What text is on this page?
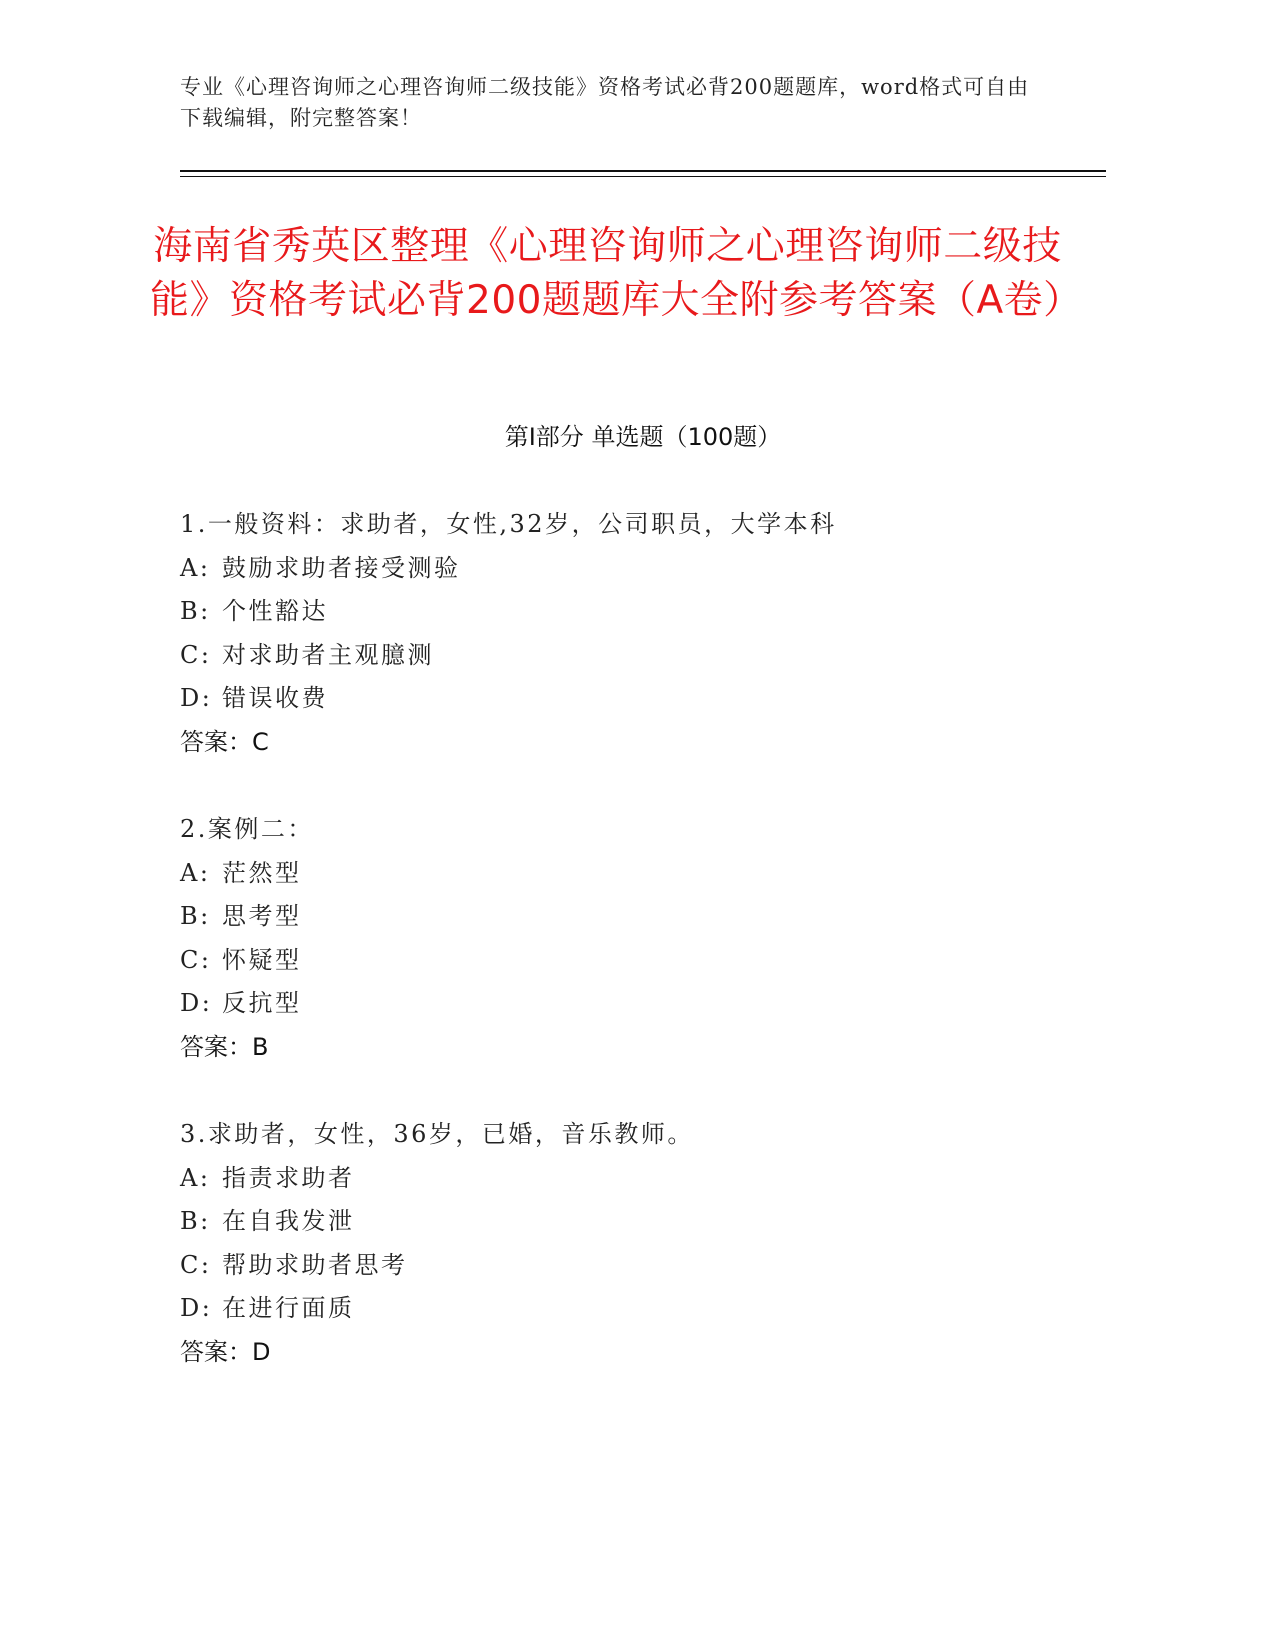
专业《心理咨询师之心理咨询师二级技能》资格考试必背200题题库，word格式可自由下载编辑，附完整答案！
海南省秀英区整理《心理咨询师之心理咨询师二级技能》资格考试必背200题题库大全附参考答案（A卷）
第I部分 单选题（100题）
1.一般资料：求助者，女性,32岁，公司职员，大学本科
A: 鼓励求助者接受测验
B: 个性豁达
C: 对求助者主观臆测
D: 错误收费
答案：C
2.案例二：
A: 茫然型
B: 思考型
C: 怀疑型
D: 反抗型
答案：B
3.求助者，女性，36岁，已婚，音乐教师。
A: 指责求助者
B: 在自我发泄
C: 帮助求助者思考
D: 在进行面质
答案：D
